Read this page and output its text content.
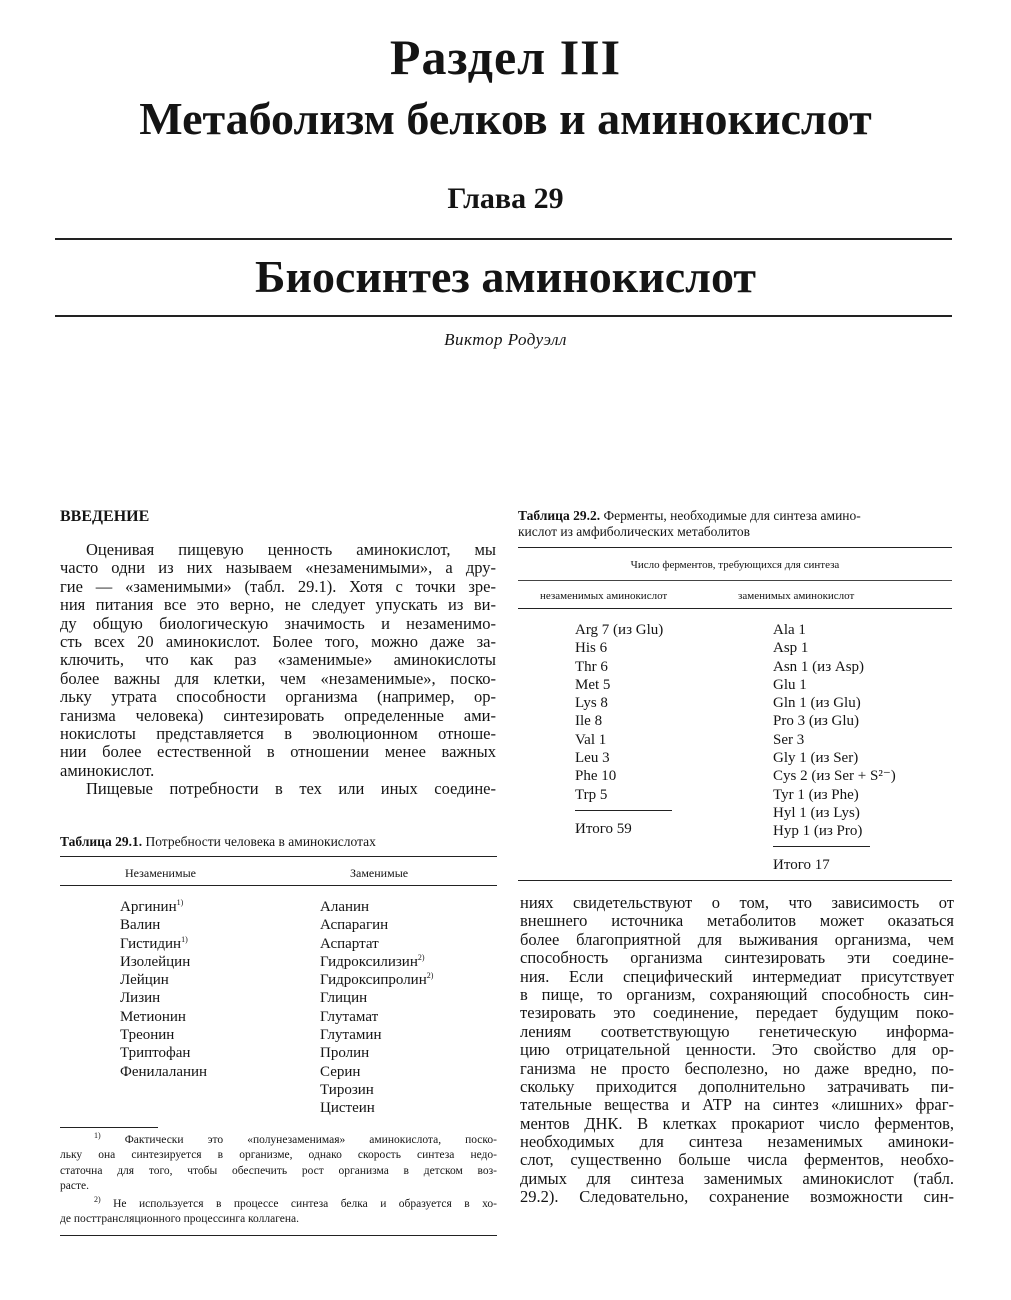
Раздел III
Метаболизм белков и аминокислот
Глава 29
Биосинтез аминокислот
Виктор Родуэлл
ВВЕДЕНИЕ
Оценивая пищевую ценность аминокислот, мы
часто одни из них называем «незаменимыми», а дру-
гие — «заменимыми» (табл. 29.1). Хотя с точки зре-
ния питания все это верно, не следует упускать из ви-
ду общую биологическую значимость и незаменимо-
сть всех 20 аминокислот. Более того, можно даже за-
ключить, что как раз «заменимые» аминокислоты
более важны для клетки, чем «незаменимые», поско-
льку утрата способности организма (например, ор-
ганизма человека) синтезировать определенные ами-
нокислоты представляется в эволюционном отноше-
нии более естественной в отношении менее важных
аминокислот.
Пищевые потребности в тех или иных соедине-
Таблица 29.1. Потребности человека в аминокислотах
Незаменимые	Заменимые
Аргинин$^{1)}$
Валин
Гистидин$^{1)}$
Изолейцин
Лейцин
Лизин
Метионин
Треонин
Триптофан
Фенилаланин
Аланин
Аспарагин
Аспартат
Гидроксилизин$^{2)}$
Гидроксипролин$^{2)}$
Глицин
Глутамат
Глутамин
Пролин
Серин
Тирозин
Цистеин
$^{1)}$ Фактически это «полунезаменимая» аминокислота, поско-
льку она синтезируется в организме, однако скорость синтеза недо-
статочна для того, чтобы обеспечить рост организма в детском воз-
расте.
$^{2)}$ Не используется в процессе синтеза белка и образуется в хо-
де посттрансляционного процессинга коллагена.
Таблица 29.2. Ферменты, необходимые для синтеза амино-
кислот из амфиболических метаболитов
Число ферментов, требующихся для синтеза
незаменимых аминокислот	заменимых аминокислот
Arg 7 (из Glu)
His 6
Thr 6
Met 5
Lys 8
Ile 8
Val 1
Leu 3
Phe 10
Trp 5
Итого 59
Ala 1
Asp 1
Asn 1 (из Asp)
Glu 1
Gln 1 (из Glu)
Pro 3 (из Glu)
Ser 3
Gly 1 (из Ser)
Cys 2 (из Ser + S²⁻)
Tyr 1 (из Phe)
Hyl 1 (из Lys)
Hyp 1 (из Pro)
Итого 17
ниях свидетельствуют о том, что зависимость от
внешнего источника метаболитов может оказаться
более благоприятной для выживания организма, чем
способность организма синтезировать эти соедине-
ния. Если специфический интермедиат присутствует
в пище, то организм, сохраняющий способность син-
тезировать это соединение, передает будущим поко-
лениям соответствующую генетическую информа-
цию отрицательной ценности. Это свойство для ор-
ганизма не просто бесполезно, но даже вредно, по-
скольку приходится дополнительно затрачивать пи-
тательные вещества и АТР на синтез «лишних» фраг-
ментов ДНК. В клетках прокариот число ферментов,
необходимых для синтеза незаменимых аминоки-
слот, существенно больше числа ферментов, необхо-
димых для синтеза заменимых аминокислот (табл.
29.2). Следовательно, сохранение возможности син-
